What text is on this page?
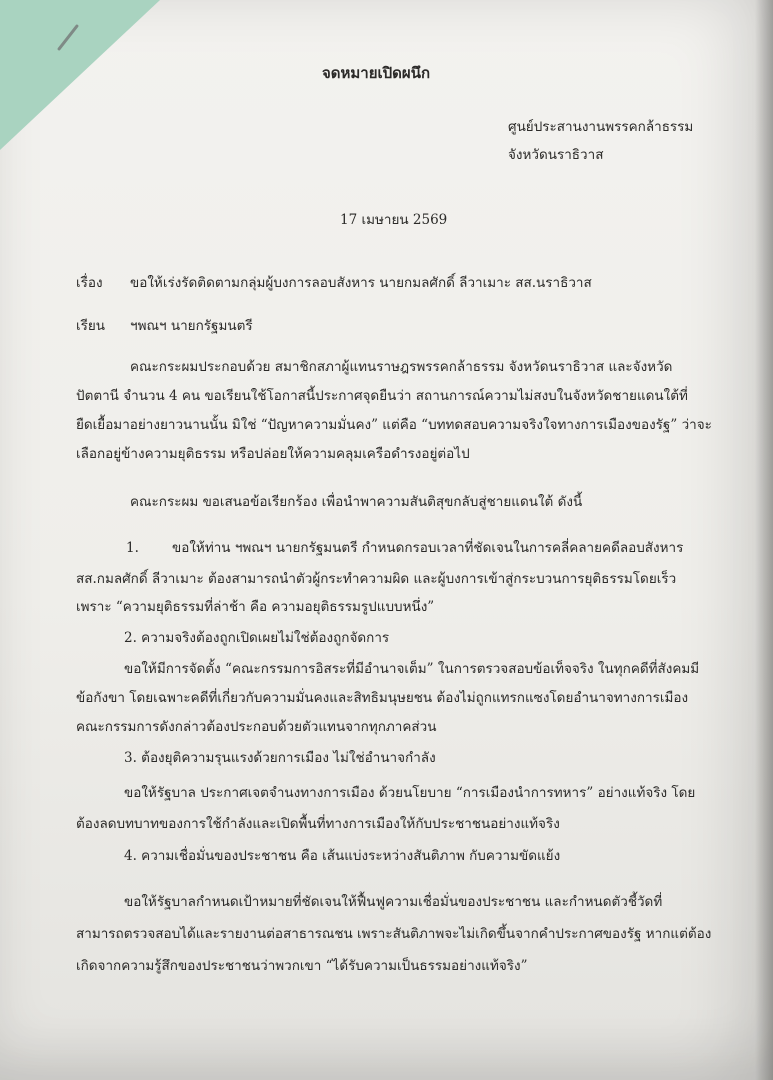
จดหมายเปิดผนึก
ศูนย์ประสานงานพรรคกล้าธรรม
จังหวัดนราธิวาส
17 เมษายน 2569
เรื่อง ขอให้เร่งรัดติดตามกลุ่มผู้บงการลอบสังหาร นายกมลศักดิ์ ลีวาเมาะ สส.นราธิวาส
เรียน ฯพณฯ นายกรัฐมนตรี
คณะกระผมประกอบด้วย สมาชิกสภาผู้แทนราษฎรพรรคกล้าธรรม จังหวัดนราธิวาส และจังหวัด
ปัตตานี จำนวน 4 คน ขอเรียนใช้โอกาสนี้ประกาศจุดยืนว่า สถานการณ์ความไม่สงบในจังหวัดชายแดนใต้ที่
ยืดเยื้อมาอย่างยาวนานนั้น มิใช่ “ปัญหาความมั่นคง” แต่คือ “บททดสอบความจริงใจทางการเมืองของรัฐ” ว่าจะ
เลือกอยู่ข้างความยุติธรรม หรือปล่อยให้ความคลุมเครือดำรงอยู่ต่อไป
คณะกระผม ขอเสนอข้อเรียกร้อง เพื่อนำพาความสันติสุขกลับสู่ชายแดนใต้ ดังนี้
1. ขอให้ท่าน ฯพณฯ นายกรัฐมนตรี กำหนดกรอบเวลาที่ชัดเจนในการคลี่คลายคดีลอบสังหาร
สส.กมลศักดิ์ ลีวาเมาะ ต้องสามารถนำตัวผู้กระทำความผิด และผู้บงการเข้าสู่กระบวนการยุติธรรมโดยเร็ว
เพราะ “ความยุติธรรมที่ล่าช้า คือ ความอยุติธรรมรูปแบบหนึ่ง”
2. ความจริงต้องถูกเปิดเผยไม่ใช่ต้องถูกจัดการ
ขอให้มีการจัดตั้ง “คณะกรรมการอิสระที่มีอำนาจเต็ม” ในการตรวจสอบข้อเท็จจริง ในทุกคดีที่สังคมมี
ข้อกังขา โดยเฉพาะคดีที่เกี่ยวกับความมั่นคงและสิทธิมนุษยชน ต้องไม่ถูกแทรกแซงโดยอำนาจทางการเมือง
คณะกรรมการดังกล่าวต้องประกอบด้วยตัวแทนจากทุกภาคส่วน
3. ต้องยุติความรุนแรงด้วยการเมือง ไม่ใช่อำนาจกำลัง
ขอให้รัฐบาล ประกาศเจตจำนงทางการเมือง ด้วยนโยบาย “การเมืองนำการทหาร” อย่างแท้จริง โดย
ต้องลดบทบาทของการใช้กำลังและเปิดพื้นที่ทางการเมืองให้กับประชาชนอย่างแท้จริง
4. ความเชื่อมั่นของประชาชน คือ เส้นแบ่งระหว่างสันติภาพ กับความขัดแย้ง
ขอให้รัฐบาลกำหนดเป้าหมายที่ชัดเจนให้ฟื้นฟูความเชื่อมั่นของประชาชน และกำหนดตัวชี้วัดที่
สามารถตรวจสอบได้และรายงานต่อสาธารณชน เพราะสันติภาพจะไม่เกิดขึ้นจากคำประกาศของรัฐ หากแต่ต้อง
เกิดจากความรู้สึกของประชาชนว่าพวกเขา “ได้รับความเป็นธรรมอย่างแท้จริง”
